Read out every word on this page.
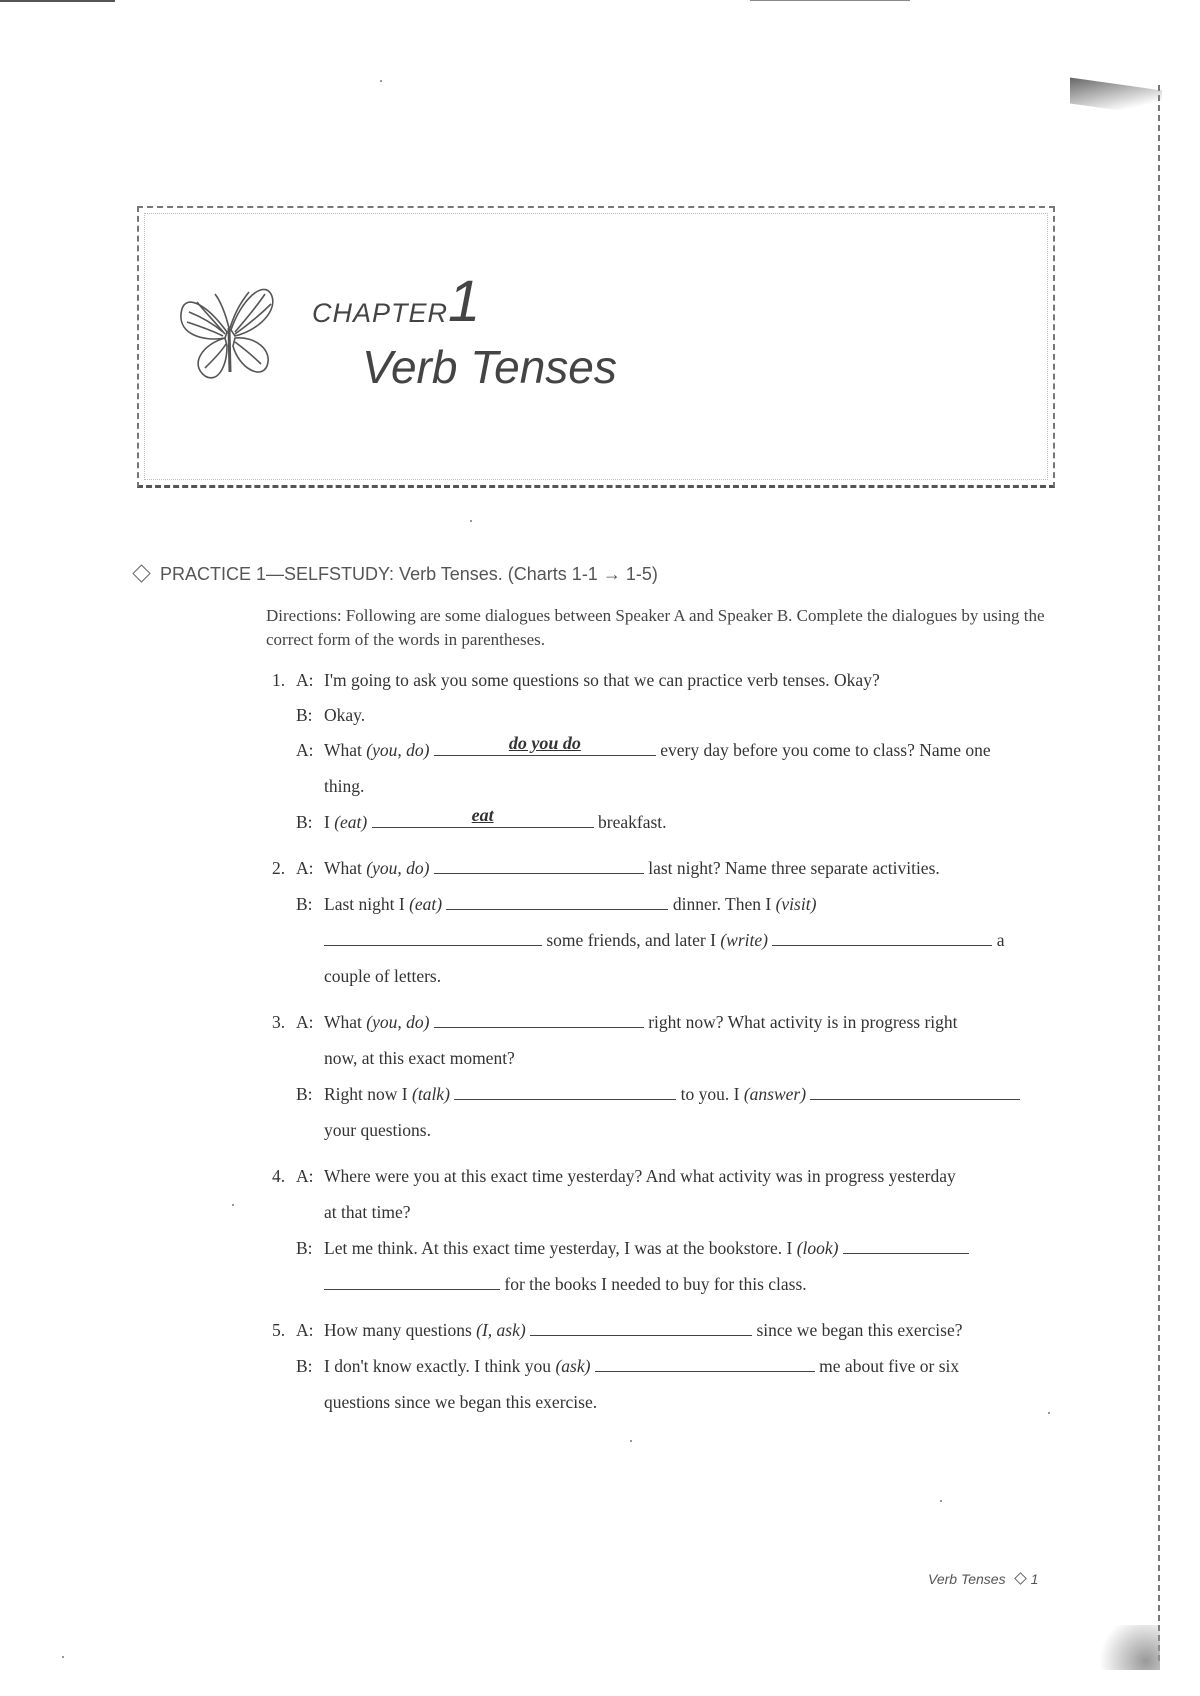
CHAPTER 1
Verb Tenses
PRACTICE 1—SELFSTUDY: Verb Tenses. (Charts 1-1 → 1-5)
Directions: Following are some dialogues between Speaker A and Speaker B. Complete the dialogues by using the correct form of the words in parentheses.
1. A: I'm going to ask you some questions so that we can practice verb tenses. Okay?
B: Okay.
A: What (you, do)	do you do	every day before you come to class? Name one
thing.
B: I (eat)	eat	breakfast.
2. A: What (you, do)	last night? Name three separate activities.
B: Last night I (eat)	dinner. Then I (visit)
some friends, and later I (write)	a
couple of letters.
3. A: What (you, do)	right now? What activity is in progress right
now, at this exact moment?
B: Right now I (talk)	to you. I (answer)
your questions.
4. A: Where were you at this exact time yesterday? And what activity was in progress yesterday
at that time?
B: Let me think. At this exact time yesterday, I was at the bookstore. I (look)
for the books I needed to buy for this class.
5. A: How many questions (I, ask)	since we began this exercise?
B: I don't know exactly. I think you (ask)	me about five or six
questions since we began this exercise.
Verb Tenses 1
